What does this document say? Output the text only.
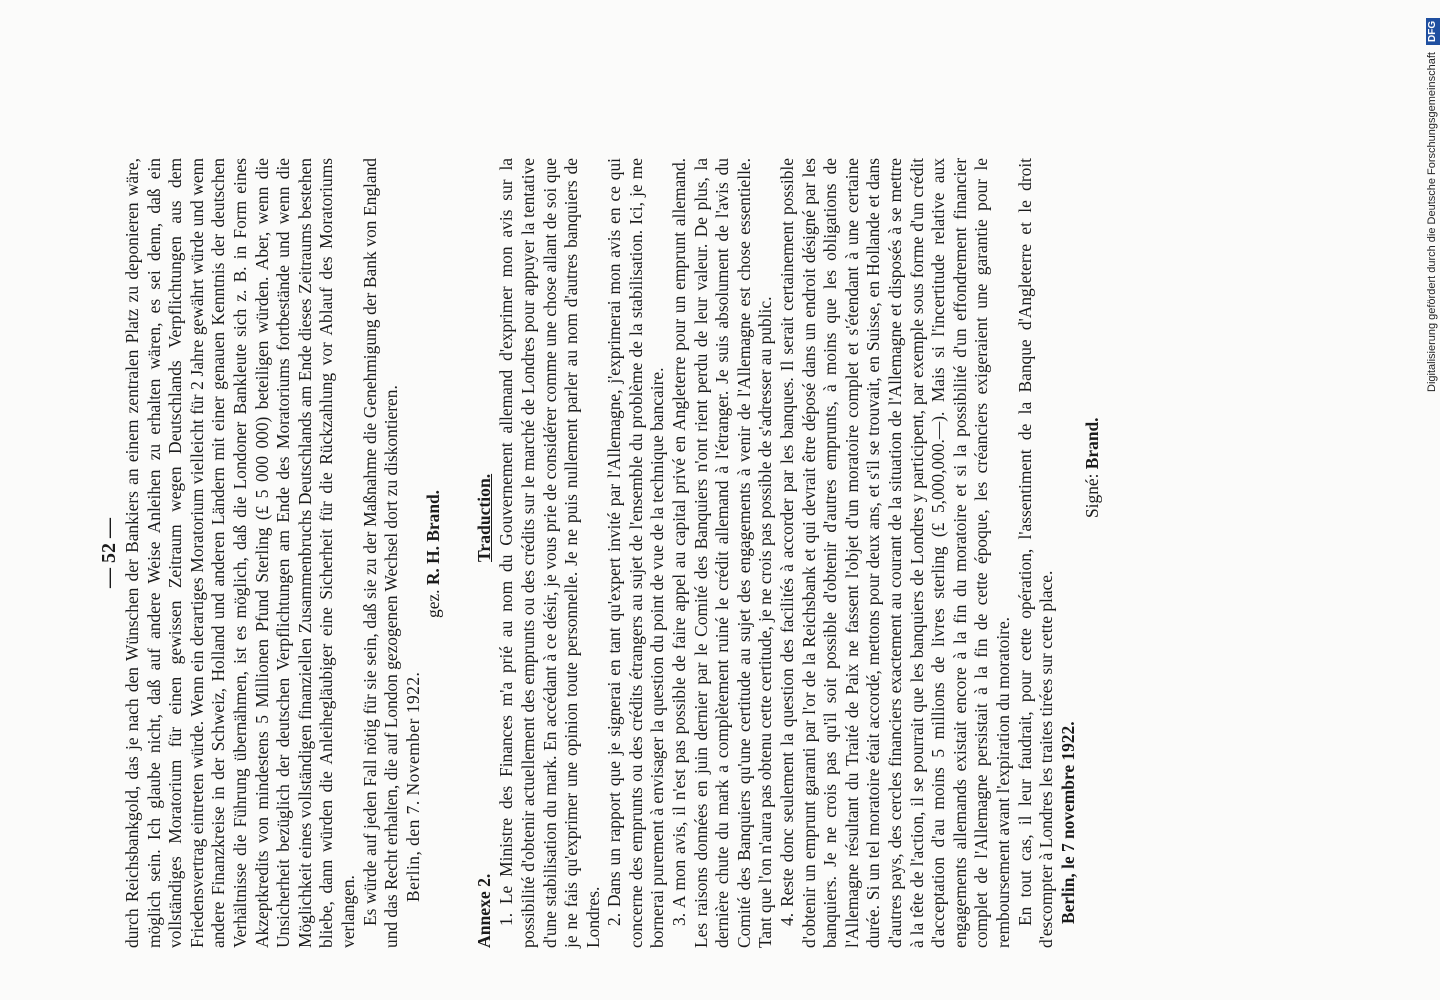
— 52 — durch Reichsbankgold, das je nach den Wünschen der Bankiers an einem zentralen Platz zu deponieren wäre, möglich sein. Ich glaube nicht, daß auf andere Weise Anleihen zu erhalten wären, es sei denn, daß ein vollständiges Moratorium für einen gewissen Zeitraum wegen Deutschlands Verpflichtungen aus dem Friedensvertrag eintreten würde. Wenn ein derartiges Moratorium vielleicht für 2 Jahre gewährt würde und wenn andere Finanzkreise in der Schweiz, Holland und anderen Ländern mit einer genauen Kenntnis der deutschen Verhältnisse die Führung übernähmen, ist es möglich, daß die Londoner Bankleute sich z. B. in Form eines Akzeptkredits von mindestens 5 Millionen Pfund Sterling (£ 5 000 000) beteiligen würden. Aber, wenn die Unsicherheit bezüglich der deutschen Verpflichtungen am Ende des Moratoriums fortbestände und wenn die Möglichkeit eines vollständigen finanziellen Zusammenbruchs Deutschlands am Ende dieses Zeitraums bestehen bliebe, dann würden die Anleihegläubiger eine Sicherheit für die Rückzahlung vor Ablauf des Moratoriums verlangen. Es würde auf jeden Fall nötig für sie sein, daß sie zu der Maßnahme die Genehmigung der Bank von England und das Recht erhalten, die auf London gezogenen Wechsel dort zu diskontieren. Berlin, den 7. November 1922.

gez. R. H. Brand.

Annexe 2.
Traduction. 1. Le Ministre des Finances m'a prié au nom du Gouvernement allemand d'exprimer mon avis sur la possibilité d'obtenir actuellement des emprunts ou des crédits sur le marché de Londres pour appuyer la tentative d'une stabilisation du mark. En accédant à ce désir, je vous prie de considérer comme une chose allant de soi que je ne fais qu'exprimer une opinion toute personnelle. Je ne puis nullement parler au nom d'autres banquiers de Londres. 2. Dans un rapport que je signerai en tant qu'expert invité par l'Allemagne, j'exprimerai mon avis en ce qui concerne des emprunts ou des crédits étrangers au sujet de l'ensemble du problème de la stabilisation. Ici, je me bornerai purement à envisager la question du point de vue de la technique bancaire. 3. A mon avis, il n'est pas possible de faire appel au capital privé en Angleterre pour un emprunt allemand. Les raisons données en juin dernier par le Comité des Banquiers n'ont rient perdu de leur valeur. De plus, la dernière chute du mark a complètement ruiné le crédit allemand à l'étranger. Je suis absolument de l'avis du Comité des Banquiers qu'une certitude au sujet des engagements à venir de l'Allemagne est chose essentielle. Tant que l'on n'aura pas obtenu cette certitude, je ne crois pas possible de s'adresser au public. 4. Reste donc seulement la question des facilités à accorder par les banques. Il serait certainement possible d'obtenir un emprunt garanti par l'or de la Reichsbank et qui devrait être déposé dans un endroit désigné par les banquiers. Je ne crois pas qu'il soit possible d'obtenir d'autres emprunts, à moins que les obligations de l'Allemagne résultant du Traité de Paix ne fassent l'objet d'un moratoire complet et s'étendant à une certaine durée. Si un tel moratoire était accordé, mettons pour deux ans, et s'il se trouvait, en Suisse, en Hollande et dans d'autres pays, des cercles financiers exactement au courant de la situation de l'Allemagne et disposés à se mettre à la tête de l'action, il se pourrait que les banquiers de Londres y participent, par exemple sous forme d'un crédit d'acceptation d'au moins 5 millions de livres sterling (£ 5,000,000.—). Mais si l'incertitude relative aux engagements allemands existait encore à la fin du moratoire et si la possibilité d'un effondrement financier complet de l'Allemagne persistait à la fin de cette époque, les créanciers exigeraient une garantie pour le remboursement avant l'expiration du moratoire. En tout cas, il leur faudrait, pour cette opération, l'assentiment de la Banque d'Angleterre et le droit d'escompter à Londres les traites tirées sur cette place. Berlin, le 7 novembre 1922.

Signé: Brand.

Digitalisierung gefördert durch die Deutsche Forschungsgemeinschaft DFG
